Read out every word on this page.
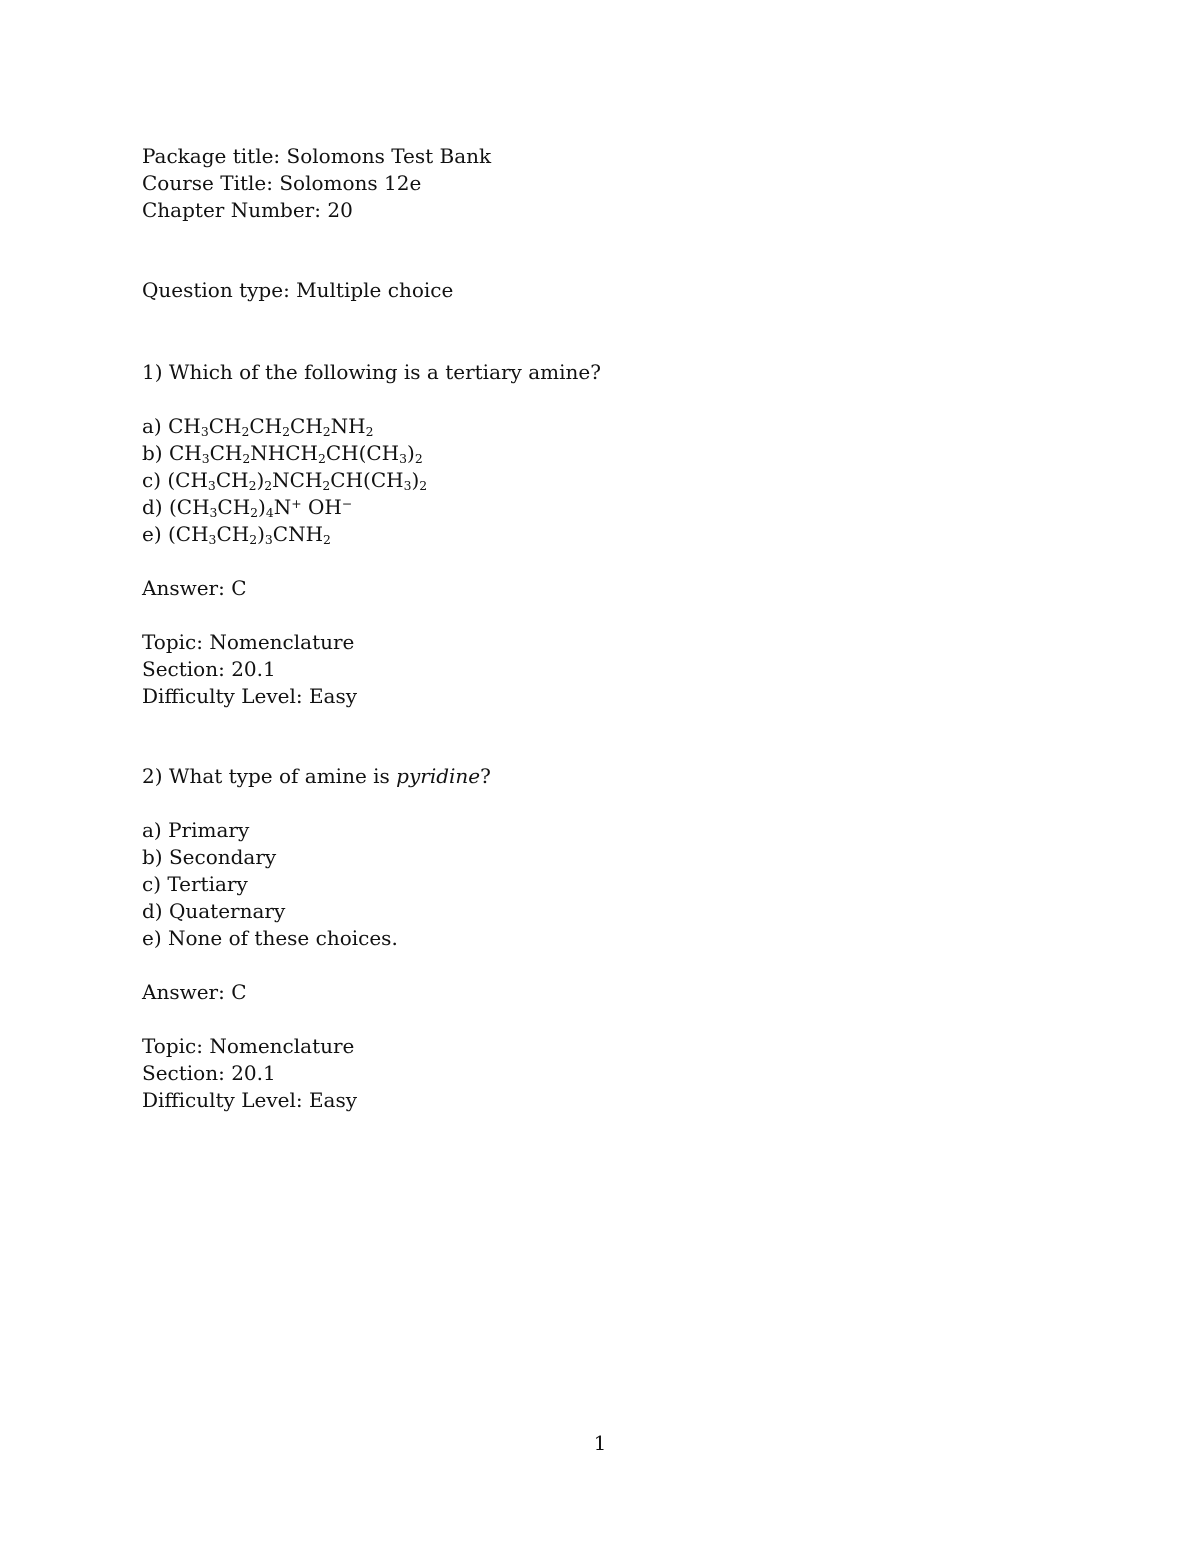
Package title: Solomons Test Bank
Course Title: Solomons 12e
Chapter Number: 20
Question type: Multiple choice
1) Which of the following is a tertiary amine?
a) $CH_3CH_2CH_2CH_2NH_2$
b) $CH_3CH_2NHCH_2CH(CH_3)_2$
c) $(CH_3CH_2)_2NCH_2CH(CH_3)_2$
d) $(CH_3CH_2)_4N^+$ OH−
e) $(CH_3CH_2)_3CNH_2$
Answer: C
Topic: Nomenclature
Section: 20.1
Difficulty Level: Easy
2) What type of amine is pyridine?
a) Primary
b) Secondary
c) Tertiary
d) Quaternary
e) None of these choices.
Answer: C
Topic: Nomenclature
Section: 20.1
Difficulty Level: Easy
1
